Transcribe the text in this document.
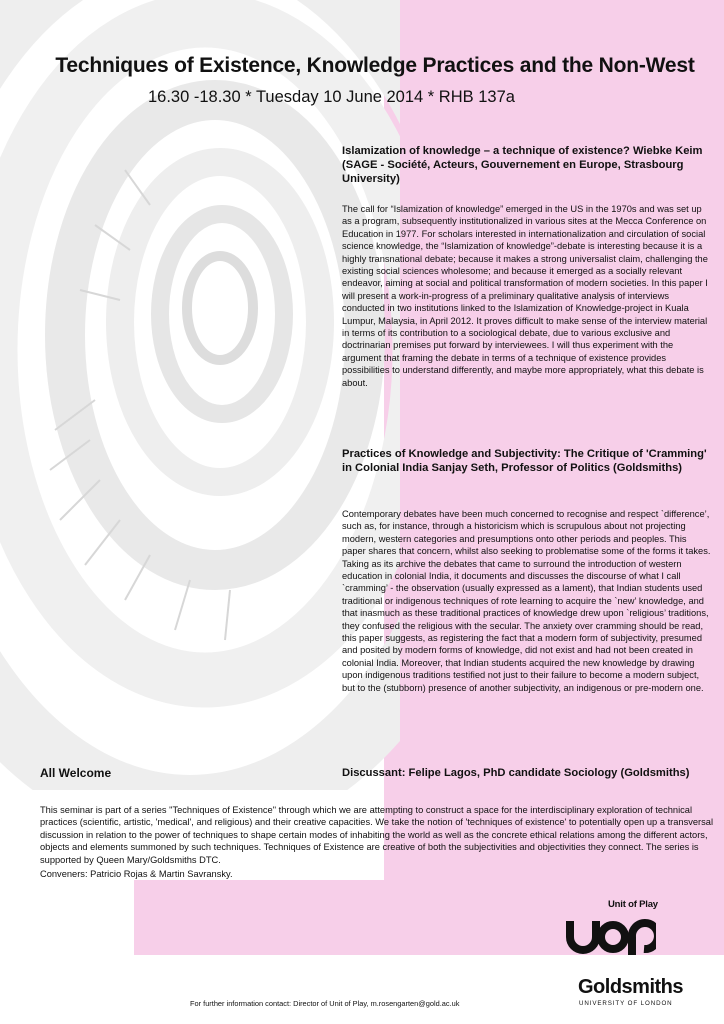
Techniques of Existence, Knowledge Practices and the Non-West

16.30 -18.30 * Tuesday 10 June 2014 * RHB 137a

Islamization of knowledge – a technique of existence? Wiebke Keim (SAGE - Société, Acteurs, Gouvernement en Europe, Strasbourg University)

The call for “Islamization of knowledge” emerged in the US in the 1970s and was set up as a program, subsequently institutionalized in various sites at the Mecca Conference on Education in 1977. For scholars interested in internationalization and circulation of social science knowledge, the “Islamization of knowledge”-debate is interesting because it is a highly transnational debate; because it makes a strong universalist claim, challenging the existing social sciences wholesome; and because it emerged as a socially relevant endeavor, aiming at social and political transformation of modern societies. In this paper I will present a work-in-progress of a preliminary qualitative analysis of interviews conducted in two institutions linked to the Islamization of Knowledge-project in Kuala Lumpur, Malaysia, in April 2012. It proves difficult to make sense of the interview material in terms of its contribution to a sociological debate, due to various exclusive and doctrinarian premises put forward by interviewees. I will thus experiment with the argument that framing the debate in terms of a technique of existence provides possibilities to understand differently, and maybe more appropriately, what this debate is about.

Practices of Knowledge and Subjectivity: The Critique of 'Cramming' in Colonial India Sanjay Seth, Professor of Politics (Goldsmiths)

Contemporary debates have been much concerned to recognise and respect `difference’, such as, for instance, through a historicism which is scrupulous about not projecting modern, western categories and presumptions onto other periods and peoples. This paper shares that concern, whilst also seeking to problematise some of the forms it takes. Taking as its archive the debates that came to surround the introduction of western education in colonial India, it documents and discusses the discourse of what I call `cramming’ - the observation (usually expressed as a lament), that Indian students used traditional or indigenous techniques of rote learning to acquire the `new’ knowledge, and that inasmuch as these traditional practices of knowledge drew upon `religious’ traditions, they confused the religious with the secular. The anxiety over cramming should be read, this paper suggests, as registering the fact that a modern form of subjectivity, presumed and posited by modern forms of knowledge, did not exist and had not been created in colonial India. Moreover, that Indian students acquired the new knowledge by drawing upon indigenous traditions testified not just to their failure to become a modern subject, but to the (stubborn) presence of another subjectivity, an indigenous or pre-modern one.

All Welcome	Discussant: Felipe Lagos, PhD candidate Sociology (Goldsmiths)

This seminar is part of a series "Techniques of Existence" through which we are attempting to construct a space for the interdisciplinary exploration of technical practices (scientific, artistic, 'medical', and religious) and their creative capacities. We take the notion of 'techniques of existence' to potentially open up a transversal discussion in relation to the power of techniques to shape certain modes of inhabiting the world as well as the concrete ethical relations among the different actors, objects and elements summoned by such techniques. Techniques of Existence are creative of both the subjectivities and objectivities they connect. The series is supported by Queen Mary/Goldsmiths DTC.

Conveners: Patricio Rojas & Martin Savransky.

Unit of Play
Goldsmiths
UNIVERSITY OF LONDON

For further information contact: Director of Unit of Play, m.rosengarten@gold.ac.uk
